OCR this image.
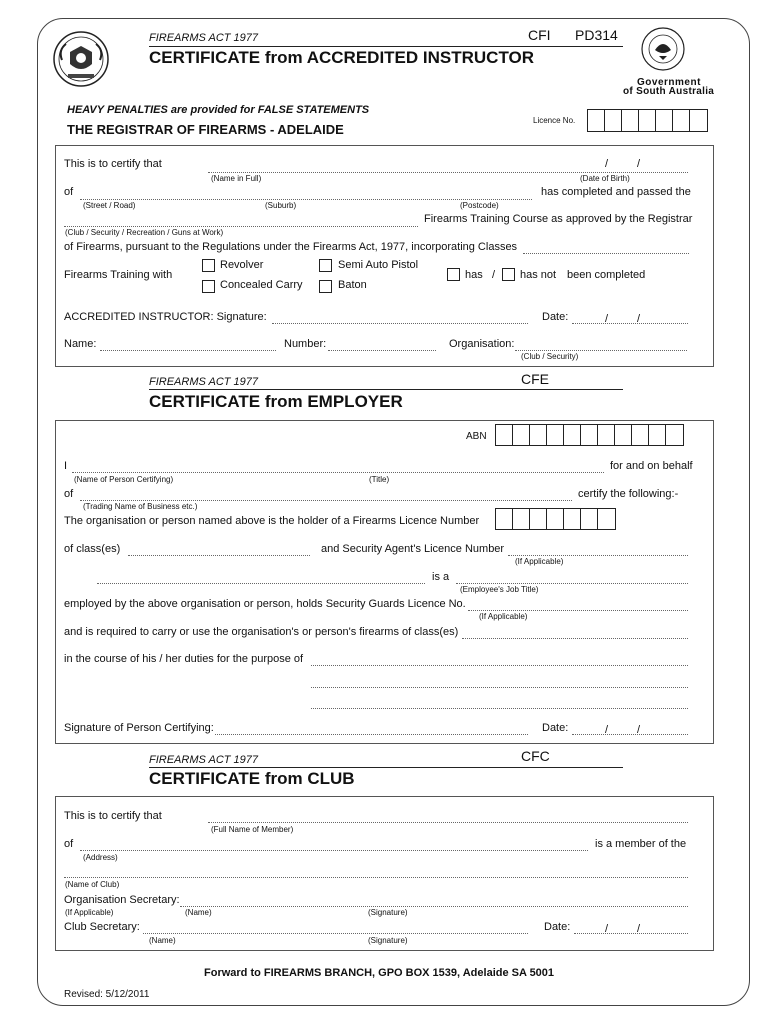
FIREARMS ACT 1977	CFI PD314
CERTIFICATE from ACCREDITED INSTRUCTOR
Government
of South Australia
HEAVY PENALTIES are provided for FALSE STATEMENTS
THE REGISTRAR OF FIREARMS - ADELAIDE
Licence No.
This is to certify that	/	/
(Name in Full)	(Date of Birth)
of	has completed and passed the
(Street / Road)	(Suburb)	(Postcode)
Firearms Training Course as approved by the Registrar
(Club / Security / Recreation / Guns at Work)
of Firearms, pursuant to the Regulations under the Firearms Act, 1977, incorporating Classes
Firearms Training with
Revolver	Semi Auto Pistol
Concealed Carry	Baton
has / has not been completed
ACCREDITED INSTRUCTOR: Signature:	Date:	/	/
Name:	Number:	Organisation:
(Club / Security)
FIREARMS ACT 1977	CFE
CERTIFICATE from EMPLOYER
ABN
I	for and on behalf
(Name of Person Certifying)	(Title)
of	certify the following:-
(Trading Name of Business etc.)
The organisation or person named above is the holder of a Firearms Licence Number
of class(es)	and Security Agent's Licence Number
(If Applicable)
is a
(Employee's Job Title)
employed by the above organisation or person, holds Security Guards Licence No.
(If Applicable)
and is required to carry or use the organisation's or person's firearms of class(es)
in the course of his / her duties for the purpose of
Signature of Person Certifying:	Date:	/	/
FIREARMS ACT 1977	CFC
CERTIFICATE from CLUB
This is to certify that
(Full Name of Member)
of	is a member of the
(Address)
(Name of Club)
Organisation Secretary:
(If Applicable)	(Name)	(Signature)
Club Secretary:	Date:	/	/
(Name)	(Signature)
Forward to FIREARMS BRANCH, GPO BOX 1539, Adelaide SA 5001
Revised: 5/12/2011
